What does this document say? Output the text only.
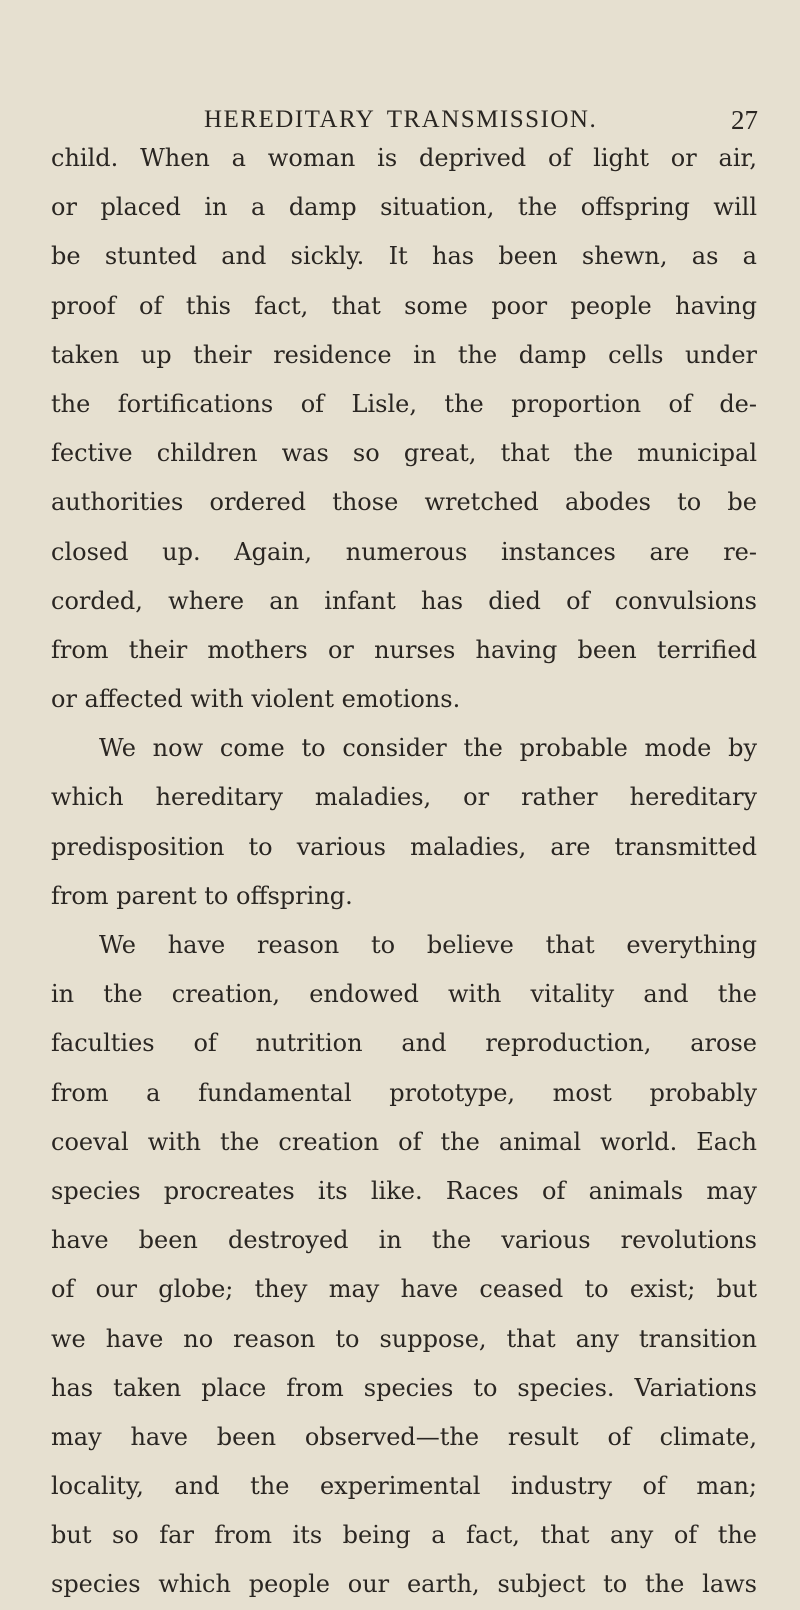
HEREDITARY TRANSMISSION.	27
child. When a woman is deprived of light or air,
or placed in a damp situation, the offspring will
be stunted and sickly. It has been shewn, as a
proof of this fact, that some poor people having
taken up their residence in the damp cells under
the fortifications of Lisle, the proportion of de-
fective children was so great, that the municipal
authorities ordered those wretched abodes to be
closed up. Again, numerous instances are re-
corded, where an infant has died of convulsions
from their mothers or nurses having been terrified
or affected with violent emotions.
We now come to consider the probable mode by
which hereditary maladies, or rather hereditary
predisposition to various maladies, are transmitted
from parent to offspring.
We have reason to believe that everything
in the creation, endowed with vitality and the
faculties of nutrition and reproduction, arose
from a fundamental prototype, most probably
coeval with the creation of the animal world. Each
species procreates its like. Races of animals may
have been destroyed in the various revolutions
of our globe; they may have ceased to exist; but
we have no reason to suppose, that any transition
has taken place from species to species. Variations
may have been observed—the result of climate,
locality, and the experimental industry of man;
but so far from its being a fact, that any of the
species which people our earth, subject to the laws
